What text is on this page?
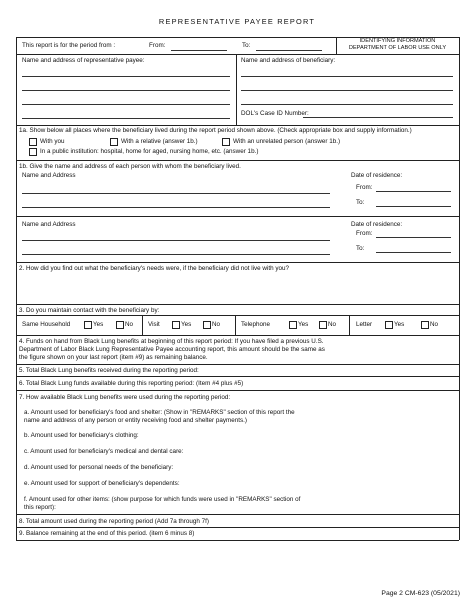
REPRESENTATIVE PAYEE REPORT
This report is for the period from :	From:	To:
IDENTIFYING INFORMATION
DEPARTMENT OF LABOR USE ONLY
Name and address of representative payee:	Name and address of beneficiary:
DOL's Case ID Number:
1a. Show below all places where the beneficiary lived during the report period shown above. (Check appropriate box and supply information.)
With you	With a relative (answer 1b.)	With an unrelated person (answer 1b.)
In a public institution: hospital, home for aged, nursing home, etc. (answer 1b.)
1b. Give the name and address of each person with whom the beneficiary lived.
Name and Address	Date of residence:
From:
To:
Name and Address	Date of residence:
From:
To:
2. How did you find out what the beneficiary's needs were, if the beneficiary did not live with you?
3. Do you maintain contact with the beneficiary by:
Same Household	Yes	No Visit	Yes	No	Telephone	Yes	No	Letter	Yes	No
4. Funds on hand from Black Lung benefits at beginning of this report period: If you have filed a previous U.S.
Department of Labor Black Lung Representative Payee accounting report, this amount should be the same as
the figure shown on your last report (item #9) as remaining balance.
5. Total Black Lung benefits received during the reporting period:
6. Total Black Lung funds available during this reporting period: (Item #4 plus #5)
7. How available Black Lung benefits were used during the reporting period:
a. Amount used for beneficiary's food and shelter: (Show in "REMARKS" section of this report the
name and address of any person or entity receiving food and shelter payments.)
b. Amount used for beneficiary's clothing:
c. Amount used for beneficiary's medical and dental care:
d. Amount used for personal needs of the beneficiary:
e. Amount used for support of beneficiary's dependents:
f. Amount used for other items: (show purpose for which funds were used in "REMARKS" section of
this report):
8. Total amount used during the reporting period (Add 7a through 7f)
9. Balance remaining at the end of this period. (item 6 minus 8)
Page 2 CM-623 (05/2021)
